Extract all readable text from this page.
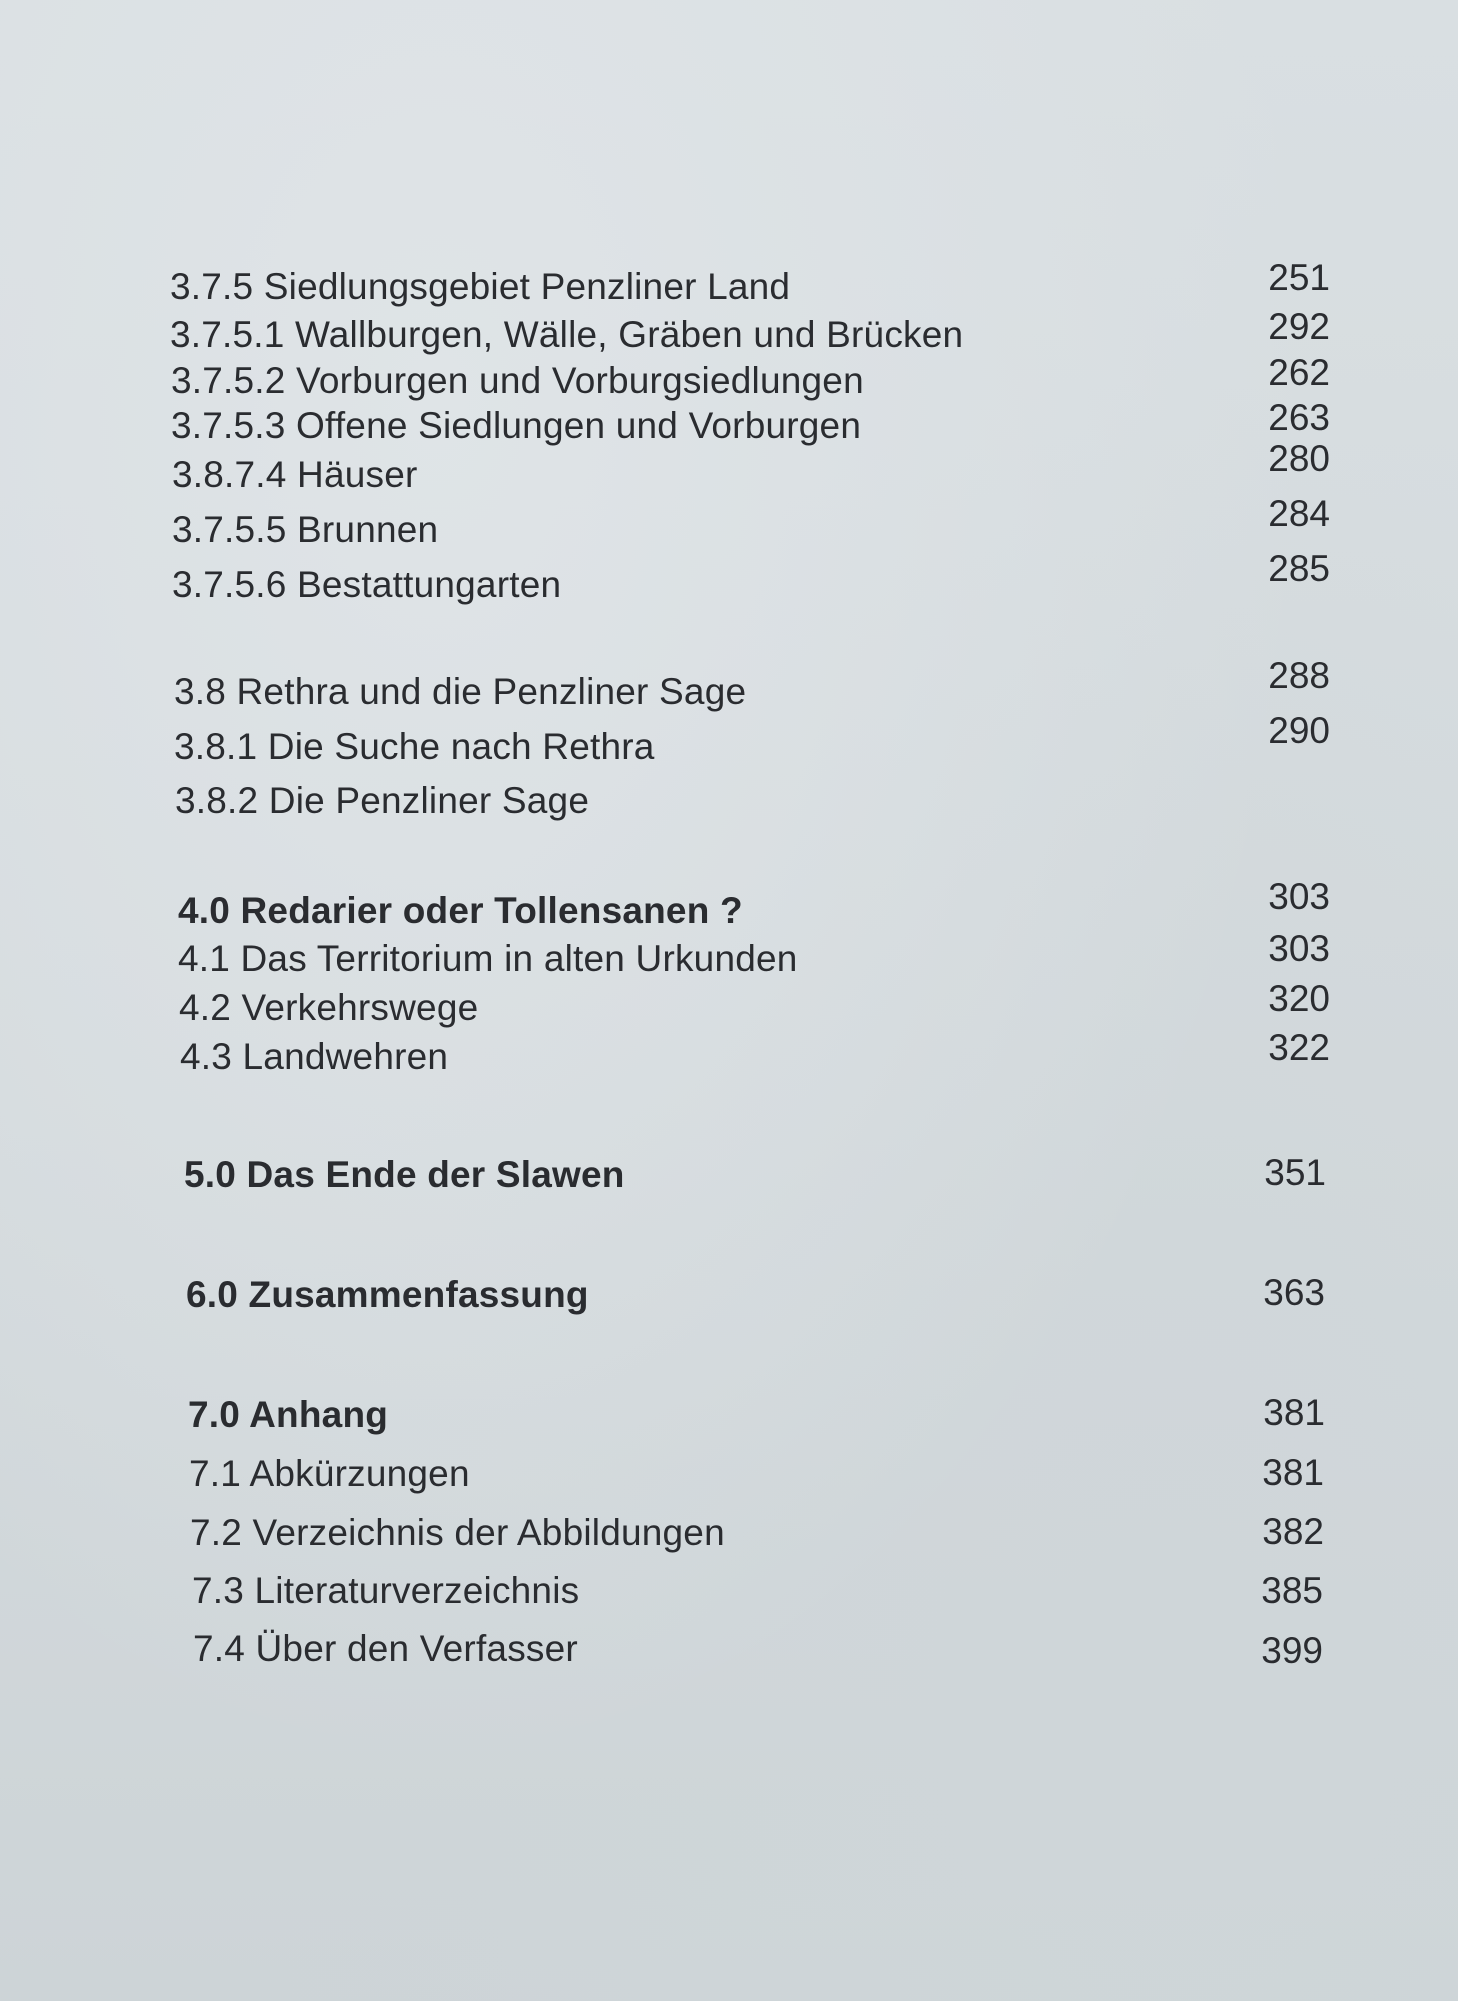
3.7.5 Siedlungsgebiet Penzliner Land	251
3.7.5.1 Wallburgen, Wälle, Gräben und Brücken	292
3.7.5.2 Vorburgen und Vorburgsiedlungen	262
3.7.5.3 Offene Siedlungen und Vorburgen	263
3.8.7.4 Häuser	280
3.7.5.5 Brunnen	284
3.7.5.6 Bestattungarten	285
3.8 Rethra und die Penzliner Sage	288
3.8.1 Die Suche nach Rethra	290
3.8.2 Die Penzliner Sage
4.0 Redarier oder Tollensanen ?	303
4.1 Das Territorium in alten Urkunden	303
4.2 Verkehrswege	320
4.3 Landwehren	322
5.0 Das Ende der Slawen	351
6.0 Zusammenfassung	363
7.0 Anhang	381
7.1 Abkürzungen	381
7.2 Verzeichnis der Abbildungen	382
7.3 Literaturverzeichnis	385
7.4 Über den Verfasser	399
